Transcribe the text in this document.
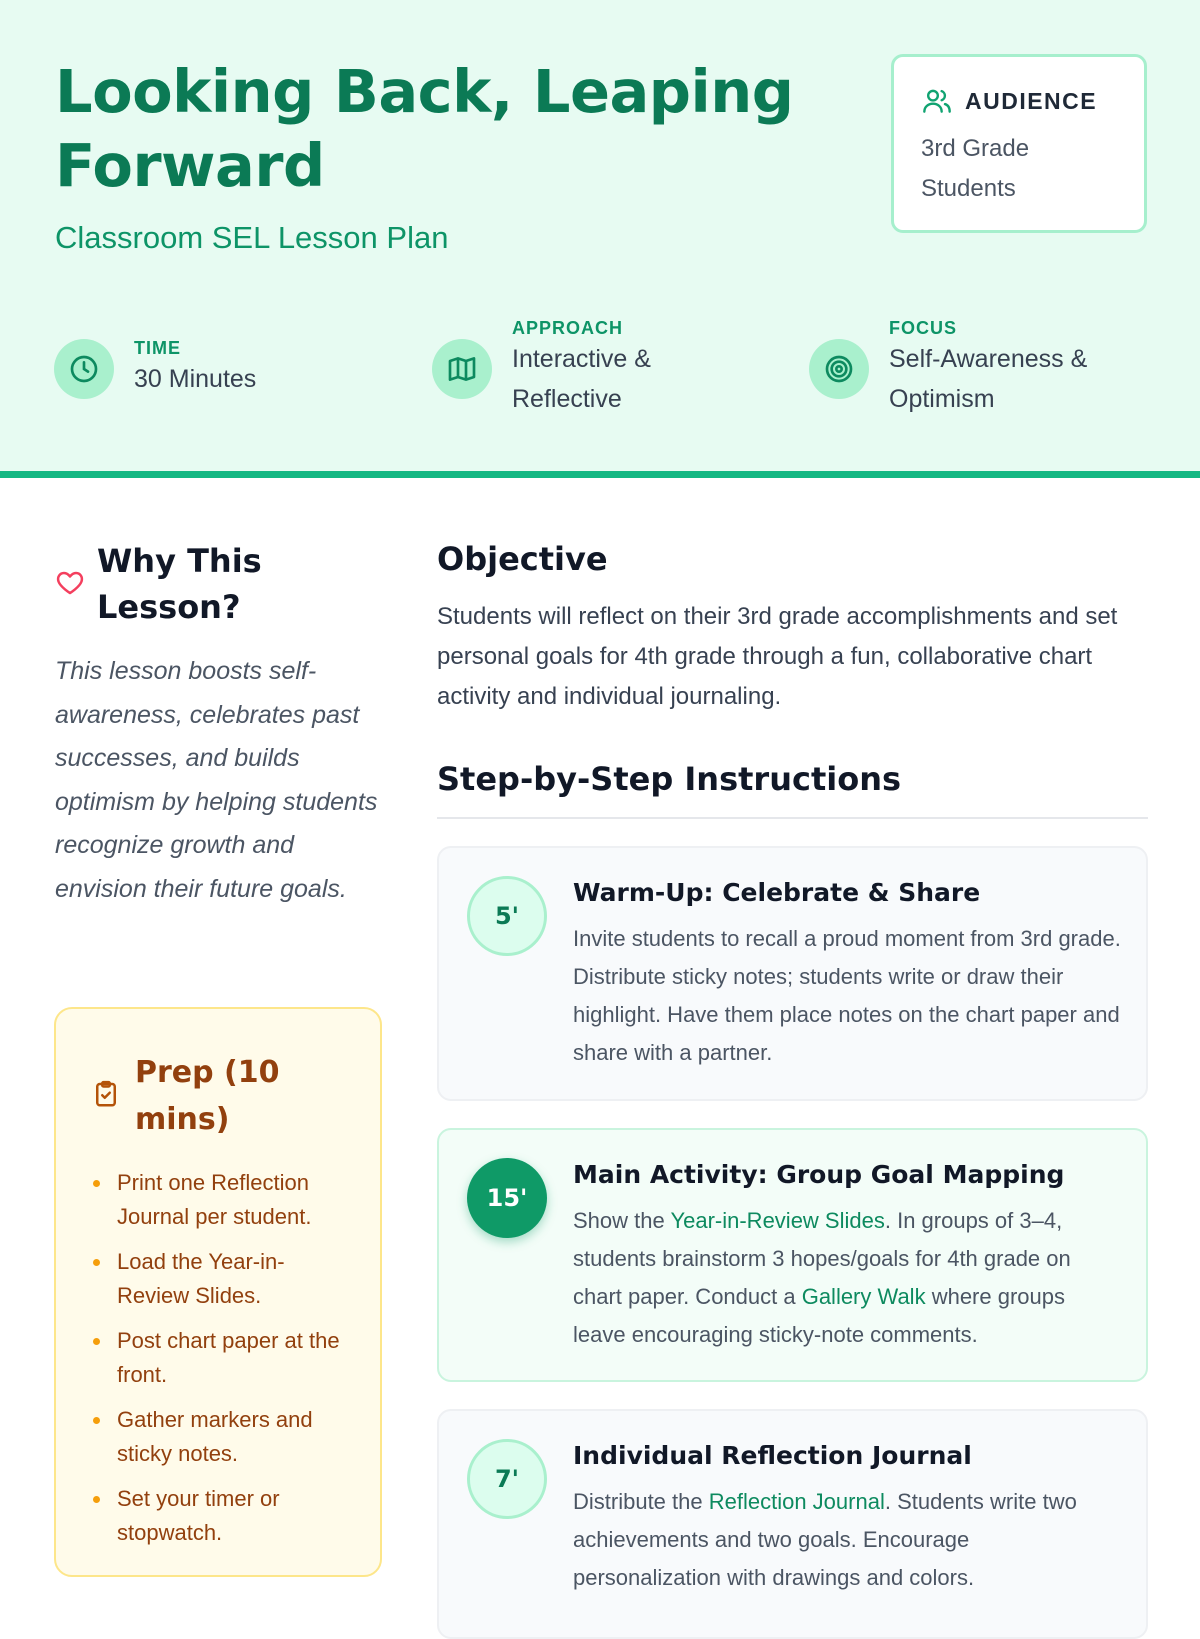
Looking Back, Leaping Forward
Classroom SEL Lesson Plan
AUDIENCE
3rd Grade Students
TIME
30 Minutes
APPROACH
Interactive & Reflective
FOCUS
Self-Awareness & Optimism
Why This Lesson?

This lesson boosts self-awareness, celebrates past successes, and builds optimism by helping students recognize growth and envision their future goals.

Prep (10 mins)
Print one Reflection Journal per student.
Load the Year-in-Review Slides.
Post chart paper at the front.
Gather markers and sticky notes.
Set your timer or stopwatch.
Objective

Students will reflect on their 3rd grade accomplishments and set personal goals for 4th grade through a fun, collaborative chart activity and individual journaling.

Step-by-Step Instructions
5'
Warm-Up: Celebrate & Share

Invite students to recall a proud moment from 3rd grade. Distribute sticky notes; students write or draw their highlight. Have them place notes on the chart paper and share with a partner.

15'
Main Activity: Group Goal Mapping

Show the Year-in-Review Slides. In groups of 3–4, students brainstorm 3 hopes/goals for 4th grade on chart paper. Conduct a Gallery Walk where groups leave encouraging sticky-note comments.

7'
Individual Reflection Journal

Distribute the Reflection Journal. Students write two achievements and two goals. Encourage personalization with drawings and colors.
